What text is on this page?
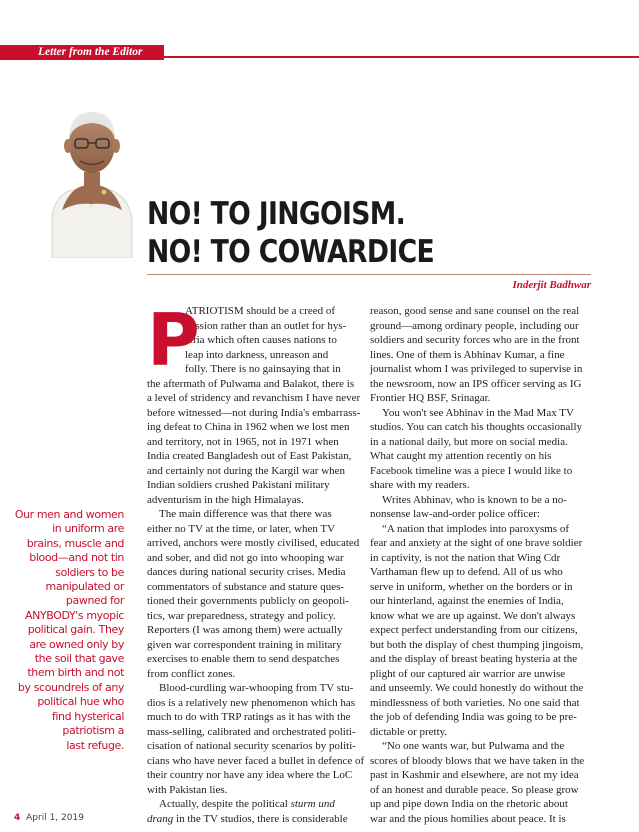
Letter from the Editor
NO! TO JINGOISM.
NO! TO COWARDICE
Inderjit Badhwar
Our men and women
in uniform are
brains, muscle and
blood—and not tin
soldiers to be
manipulated or
pawned for
ANYBODY's myopic
political gain. They
are owned only by
the soil that gave
them birth and not
by scoundrels of any
political hue who
find hysterical
patriotism a
last refuge.
P
ATRIOTISM should be a creed of
passion rather than an outlet for hys-
teria which often causes nations to
leap into darkness, unreason and
folly. There is no gainsaying that in
the aftermath of Pulwama and Balakot, there is
a level of stridency and revanchism I have never
before witnessed—not during India's embarrass-
ing defeat to China in 1962 when we lost men
and territory, not in 1965, not in 1971 when
India created Bangladesh out of East Pakistan,
and certainly not during the Kargil war when
Indian soldiers crushed Pakistani military
adventurism in the high Himalayas.
The main difference was that there was
either no TV at the time, or later, when TV
arrived, anchors were mostly civilised, educated
and sober, and did not go into whooping war
dances during national security crises. Media
commentators of substance and stature ques-
tioned their governments publicly on geopoli-
tics, war preparedness, strategy and policy.
Reporters (I was among them) were actually
given war correspondent training in military
exercises to enable them to send despatches
from conflict zones.
Blood-curdling war-whooping from TV stu-
dios is a relatively new phenomenon which has
much to do with TRP ratings as it has with the
mass-selling, calibrated and orchestrated politi-
cisation of national security scenarios by politi-
cians who have never faced a bullet in defence of
their country nor have any idea where the LoC
with Pakistan lies.
Actually, despite the political sturm und
drang in the TV studios, there is considerable
reason, good sense and sane counsel on the real
ground—among ordinary people, including our
soldiers and security forces who are in the front
lines. One of them is Abhinav Kumar, a fine
journalist whom I was privileged to supervise in
the newsroom, now an IPS officer serving as IG
Frontier HQ BSF, Srinagar.
You won't see Abhinav in the Mad Max TV
studios. You can catch his thoughts occasionally
in a national daily, but more on social media.
What caught my attention recently on his
Facebook timeline was a piece I would like to
share with my readers.
Writes Abhinav, who is known to be a no-
nonsense law-and-order police officer:
“A nation that implodes into paroxysms of
fear and anxiety at the sight of one brave soldier
in captivity, is not the nation that Wing Cdr
Varthaman flew up to defend. All of us who
serve in uniform, whether on the borders or in
our hinterland, against the enemies of India,
know what we are up against. We don't always
expect perfect understanding from our citizens,
but both the display of chest thumping jingoism,
and the display of breast beating hysteria at the
plight of our captured air warrior are unwise
and unseemly. We could honestly do without the
mindlessness of both varieties. No one said that
the job of defending India was going to be pre-
dictable or pretty.
“No one wants war, but Pulwama and the
scores of bloody blows that we have taken in the
past in Kashmir and elsewhere, are not my idea
of an honest and durable peace. So please grow
up and pipe down India on the rhetoric about
war and the pious homilies about peace. It is
4 April 1, 2019
